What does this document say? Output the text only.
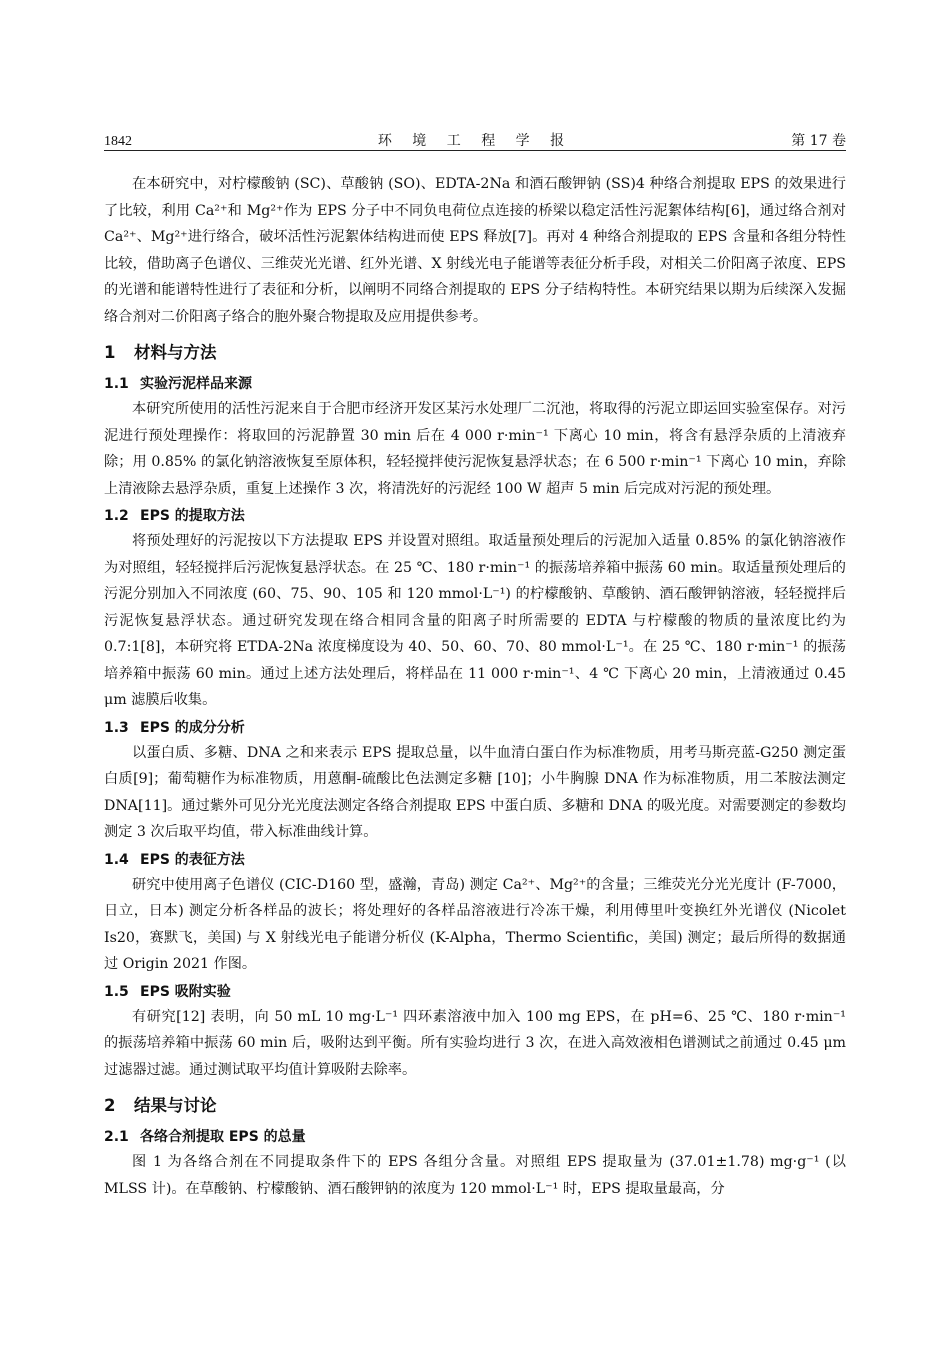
1842	环 境 工 程 学 报	第 17 卷

在本研究中，对柠檬酸钠 (SC)、草酸钠 (SO)、EDTA-2Na 和酒石酸钾钠 (SS)4 种络合剂提取 EPS 的效果进行了比较，利用 Ca²⁺和 Mg²⁺作为 EPS 分子中不同负电荷位点连接的桥梁以稳定活性污泥絮体结构[6]，通过络合剂对 Ca²⁺、Mg²⁺进行络合，破坏活性污泥絮体结构进而使 EPS 释放[7]。再对 4 种络合剂提取的 EPS 含量和各组分特性比较，借助离子色谱仪、三维荧光光谱、红外光谱、X 射线光电子能谱等表征分析手段，对相关二价阳离子浓度、EPS 的光谱和能谱特性进行了表征和分析，以阐明不同络合剂提取的 EPS 分子结构特性。本研究结果以期为后续深入发掘络合剂对二价阳离子络合的胞外聚合物提取及应用提供参考。

1 材料与方法
1.1 实验污泥样品来源

本研究所使用的活性污泥来自于合肥市经济开发区某污水处理厂二沉池，将取得的污泥立即运回实验室保存。对污泥进行预处理操作：将取回的污泥静置 30 min 后在 4 000 r·min⁻¹ 下离心 10 min，将含有悬浮杂质的上清液弃除；用 0.85% 的氯化钠溶液恢复至原体积，轻轻搅拌使污泥恢复悬浮状态；在 6 500 r·min⁻¹ 下离心 10 min，弃除上清液除去悬浮杂质，重复上述操作 3 次，将清洗好的污泥经 100 W 超声 5 min 后完成对污泥的预处理。

1.2 EPS 的提取方法

将预处理好的污泥按以下方法提取 EPS 并设置对照组。取适量预处理后的污泥加入适量 0.85% 的氯化钠溶液作为对照组，轻轻搅拌后污泥恢复悬浮状态。在 25 ℃、180 r·min⁻¹ 的振荡培养箱中振荡 60 min。取适量预处理后的污泥分别加入不同浓度 (60、75、90、105 和 120 mmol·L⁻¹) 的柠檬酸钠、草酸钠、酒石酸钾钠溶液，轻轻搅拌后污泥恢复悬浮状态。通过研究发现在络合相同含量的阳离子时所需要的 EDTA 与柠檬酸的物质的量浓度比约为 0.7:1[8]，本研究将 ETDA-2Na 浓度梯度设为 40、50、60、70、80 mmol·L⁻¹。在 25 ℃、180 r·min⁻¹ 的振荡培养箱中振荡 60 min。通过上述方法处理后，将样品在 11 000 r·min⁻¹、4 ℃ 下离心 20 min，上清液通过 0.45 μm 滤膜后收集。

1.3 EPS 的成分分析

以蛋白质、多糖、DNA 之和来表示 EPS 提取总量，以牛血清白蛋白作为标准物质，用考马斯亮蓝-G250 测定蛋白质[9]；葡萄糖作为标准物质，用蒽酮-硫酸比色法测定多糖 [10]；小牛胸腺 DNA 作为标准物质，用二苯胺法测定 DNA[11]。通过紫外可见分光光度法测定各络合剂提取 EPS 中蛋白质、多糖和 DNA 的吸光度。对需要测定的参数均测定 3 次后取平均值，带入标准曲线计算。

1.4 EPS 的表征方法

研究中使用离子色谱仪 (CIC-D160 型，盛瀚，青岛) 测定 Ca²⁺、Mg²⁺的含量；三维荧光分光光度计 (F-7000，日立，日本) 测定分析各样品的波长；将处理好的各样品溶液进行冷冻干燥，利用傅里叶变换红外光谱仪 (Nicolet Is20，赛默飞，美国) 与 X 射线光电子能谱分析仪 (K-Alpha，Thermo Scientific，美国) 测定；最后所得的数据通过 Origin 2021 作图。

1.5 EPS 吸附实验

有研究[12] 表明，向 50 mL 10 mg·L⁻¹ 四环素溶液中加入 100 mg EPS，在 pH=6、25 ℃、180 r·min⁻¹ 的振荡培养箱中振荡 60 min 后，吸附达到平衡。所有实验均进行 3 次，在进入高效液相色谱测试之前通过 0.45 μm 过滤器过滤。通过测试取平均值计算吸附去除率。

2 结果与讨论
2.1 各络合剂提取 EPS 的总量

图 1 为各络合剂在不同提取条件下的 EPS 各组分含量。对照组 EPS 提取量为 (37.01±1.78) mg·g⁻¹ (以 MLSS 计)。在草酸钠、柠檬酸钠、酒石酸钾钠的浓度为 120 mmol·L⁻¹ 时，EPS 提取量最高，分
